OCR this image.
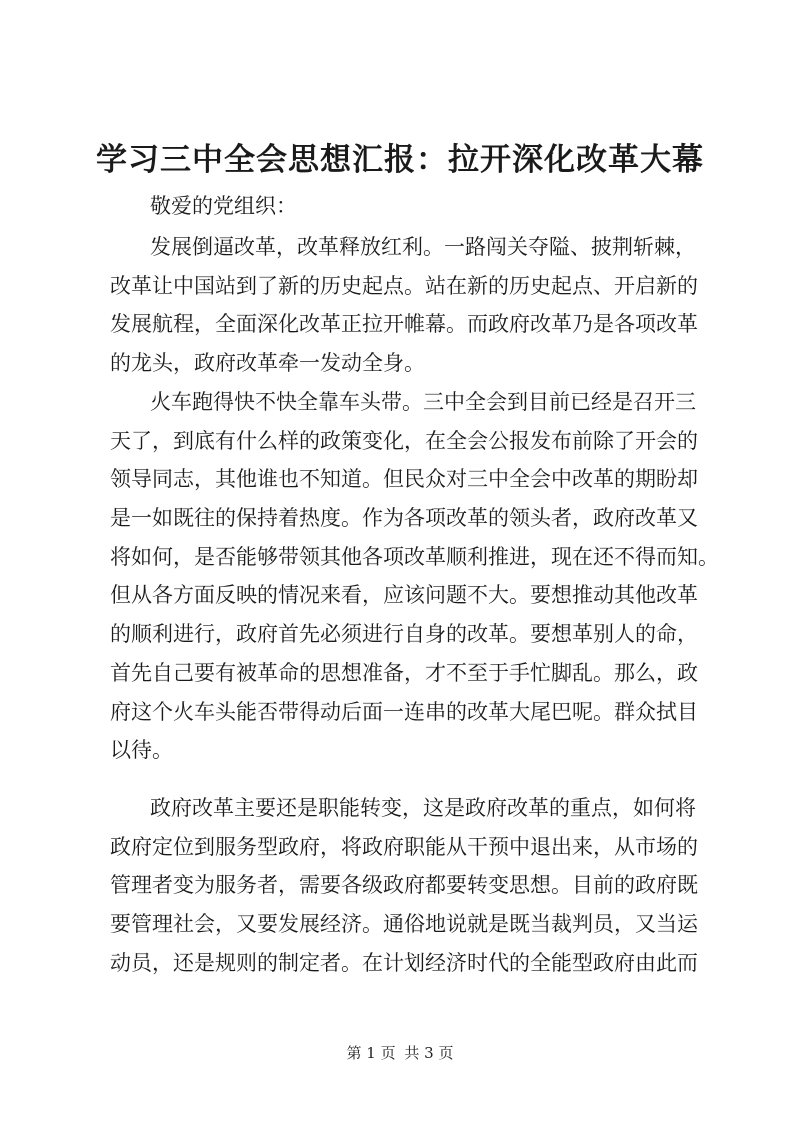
学习三中全会思想汇报：拉开深化改革大幕

敬爱的党组织：

发展倒逼改革，改革释放红利。一路闯关夺隘、披荆斩棘，
改革让中国站到了新的历史起点。站在新的历史起点、开启新的
发展航程，全面深化改革正拉开帷幕。而政府改革乃是各项改革
的龙头，政府改革牵一发动全身。
火车跑得快不快全靠车头带。三中全会到目前已经是召开三
天了，到底有什么样的政策变化，在全会公报发布前除了开会的
领导同志，其他谁也不知道。但民众对三中全会中改革的期盼却
是一如既往的保持着热度。作为各项改革的领头者，政府改革又
将如何，是否能够带领其他各项改革顺利推进，现在还不得而知。
但从各方面反映的情况来看，应该问题不大。要想推动其他改革
的顺利进行，政府首先必须进行自身的改革。要想革别人的命，
首先自己要有被革命的思想准备，才不至于手忙脚乱。那么，政
府这个火车头能否带得动后面一连串的改革大尾巴呢。群众拭目
以待。
政府改革主要还是职能转变，这是政府改革的重点，如何将
政府定位到服务型政府，将政府职能从干预中退出来，从市场的
管理者变为服务者，需要各级政府都要转变思想。目前的政府既
要管理社会，又要发展经济。通俗地说就是既当裁判员，又当运
动员，还是规则的制定者。在计划经济时代的全能型政府由此而
第 1 页 共 3 页
